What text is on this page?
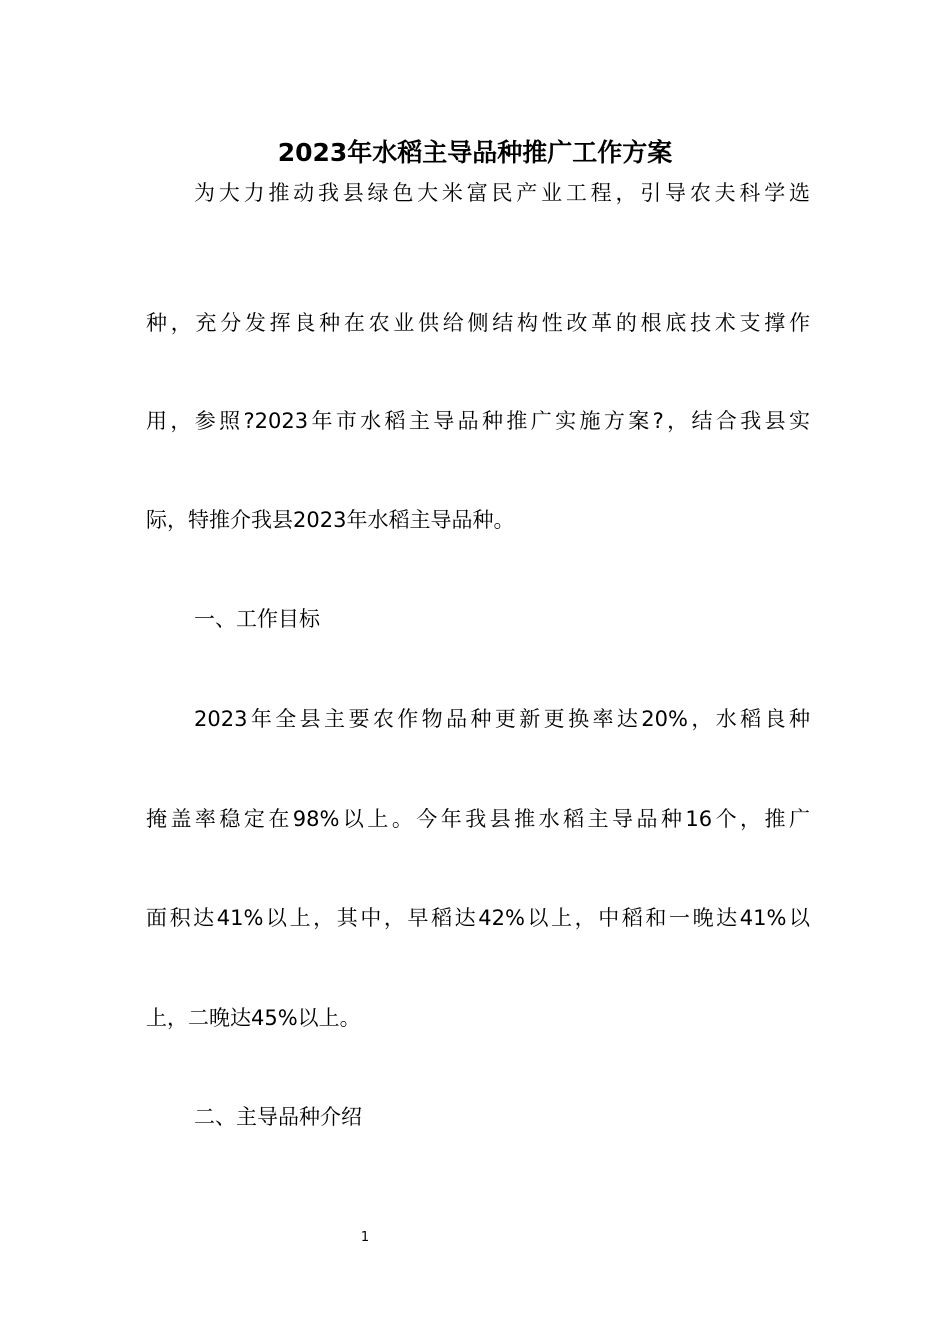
2023年水稻主导品种推广工作方案
为大力推动我县绿色大米富民产业工程，引导农夫科学选
种，充分发挥良种在农业供给侧结构性改革的根底技术支撑作
用，参照?2023年市水稻主导品种推广实施方案?，结合我县实
际，特推介我县2023年水稻主导品种。
一、工作目标
2023年全县主要农作物品种更新更换率达20%，水稻良种
掩盖率稳定在98%以上。今年我县推水稻主导品种16个，推广
面积达41%以上，其中，早稻达42%以上，中稻和一晚达41%以
上，二晚达45%以上。
二、主导品种介绍
1
